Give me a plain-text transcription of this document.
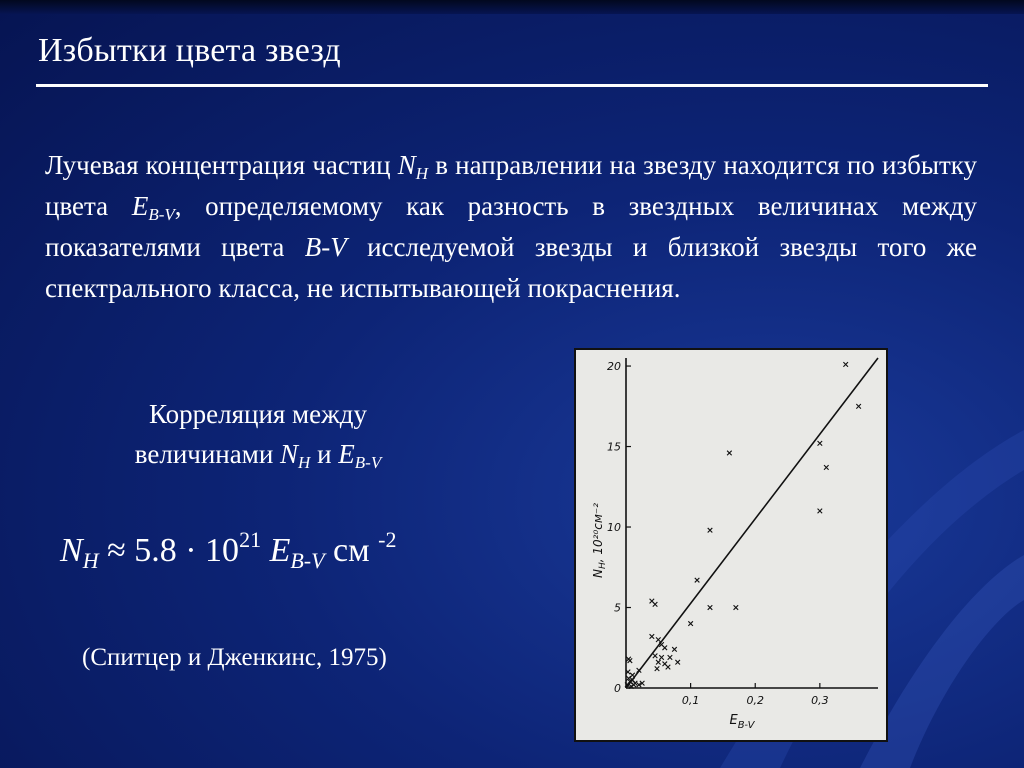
Избытки цвета звезд
Лучевая концентрация частиц $N_H$ в направлении на звезду находится по избытку цвета $E_{B-V}$, определяемому как разность в звездных величинах между показателями цвета B-V исследуемой звезды и близкой звезды того же спектрального класса, не испытывающей покраснения.
Корреляция между
величинами $N_H$ и $E_{B-V}$
$N_H \approx 5.8 \cdot 10^{21}$ $E_{B-V}$ см $^{-2}$
(Спитцер и Дженкинс, 1975)
0
5
10
15
20
0,1	0,2	0,3
$E_{B-V}$
$N_H$, 10²⁰см⁻²
